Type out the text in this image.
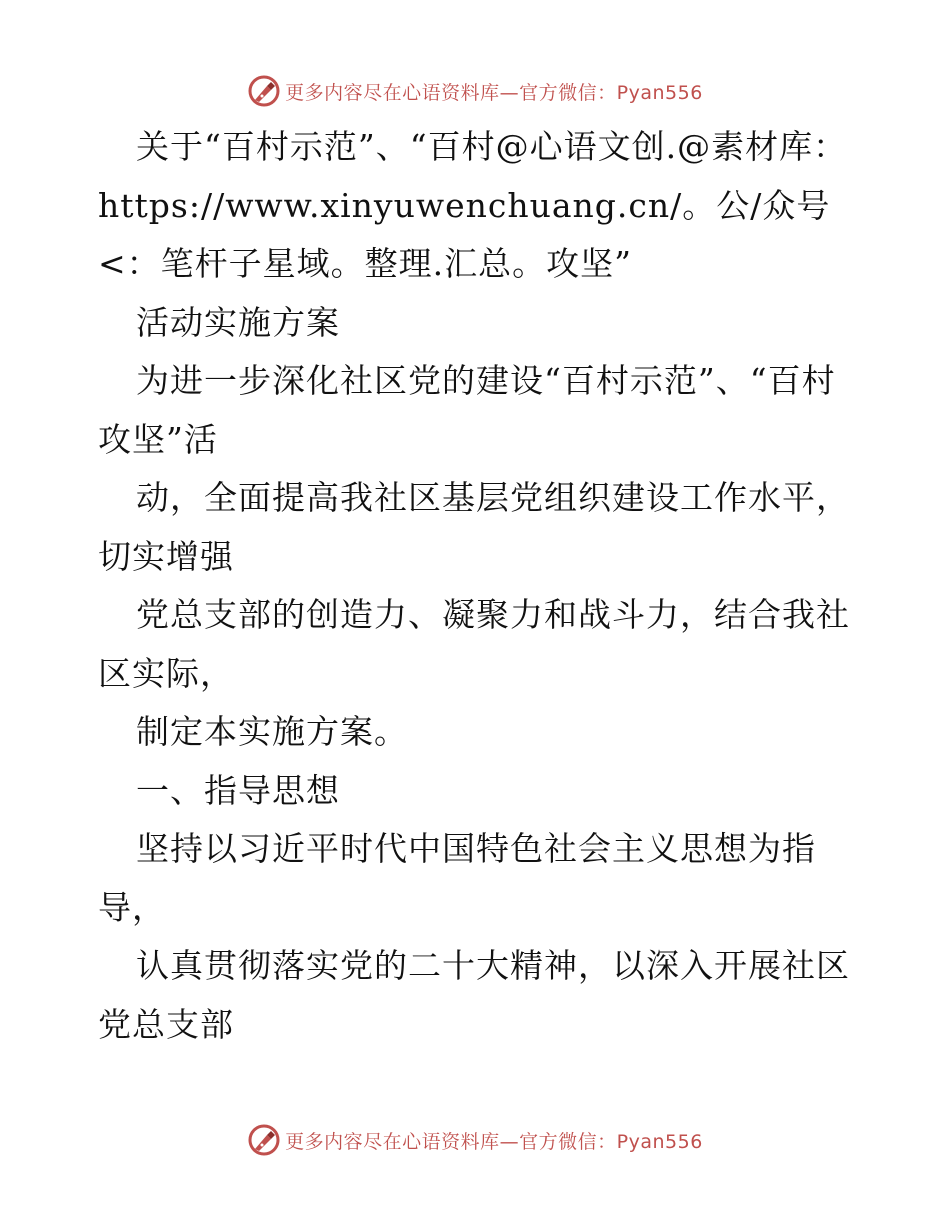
更多内容尽在心语资料库—官方微信：Pyan556

关于“百村示范”、“百村@心语文创.@素材库：https://www.xinyuwenchuang.cn/。公/众号<：笔杆子星域。整理.汇总。攻坚”

活动实施方案

为进一步深化社区党的建设“百村示范”、“百村攻坚”活

动，全面提高我社区基层党组织建设工作水平，切实增强

党总支部的创造力、凝聚力和战斗力，结合我社区实际，

制定本实施方案。

一、指导思想

坚持以习近平时代中国特色社会主义思想为指导，

认真贯彻落实党的二十大精神，以深入开展社区党总支部

更多内容尽在心语资料库—官方微信：Pyan556
